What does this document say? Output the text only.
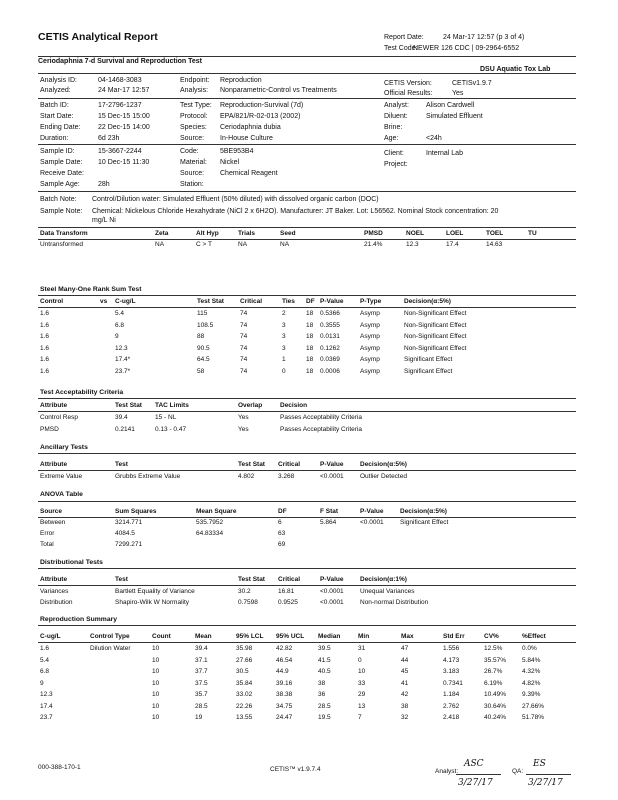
CETIS Analytical Report	Report Date:	24 Mar-17 12:57 (p 3 of 4)
Test Code:
NEWER 126 CDC | 09-2964-6552
Ceriodaphnia 7-d Survival and Reproduction Test
DSU Aquatic Tox Lab
Analysis ID:	04-1468-3083
Analyzed:	24 Mar-17 12:57
Endpoint: Reproduction
Analysis: Nonparametric-Control vs Treatments
CETIS Version:	CETISv1.9.7
Official Results:	Yes
Batch ID:	17-2796-1237
Start Date:	15 Dec-15 15:00
Ending Date:	22 Dec-15 14:00
Duration:	6d 23h
Test Type: Reproduction-Survival (7d)
Protocol: EPA/821/R-02-013 (2002)
Species: Ceriodaphnia dubia
Source: In-House Culture
Analyst: Alison Cardwell
Diluent:	Simulated Effluent
Brine:
Age:	<24h
Sample ID:	15-3667-2244
Sample Date: 10 Dec-15 11:30
Receive Date:
Sample Age:	28h
Code:	5BE953B4
Material: Nickel
Source: Chemical Reagent
Station:
Client:	Internal Lab
Project:
Batch Note: Control/Dilution water: Simulated Effluent (50% diluted) with dissolved organic carbon (DOC)
Sample Note: Chemical: Nickelous Chloride Hexahydrate (NiCl 2 x 6H2O). Manufacturer: JT Baker. Lot: L56562. Nominal Stock concentration: 20
mg/L Ni
Data Transform	Zeta	Alt Hyp	Trials	Seed	PMSD	NOEL	LOEL	TOEL	TU
Untransformed	NA	C > T	NA	NA	21.4%	12.3	17.4	14.63
Steel Many-One Rank Sum Test
Control	vs C-ug/L	Test Stat Critical	Ties DF P-Value	P-Type	Decision(α:5%)
1.6	5.4	115	74	2	18 0.5366	Asymp	Non-Significant Effect
1.6	6.8	108.5	74	3	18 0.3555	Asymp	Non-Significant Effect
1.6	9	88	74	3	18 0.0131	Asymp	Non-Significant Effect
1.6	12.3	90.5	74	3	18 0.1262	Asymp	Non-Significant Effect
1.6	17.4*	64.5	74	1	18 0.0369	Asymp	Significant Effect
1.6	23.7*	58	74	0	18 0.0006	Asymp	Significant Effect
Test Acceptability Criteria
Attribute	Test Stat TAC Limits	Overlap	Decision
Control Resp	39.4	15 - NL	Yes	Passes Acceptability Criteria
PMSD	0.2141	0.13 - 0.47	Yes	Passes Acceptability Criteria
Ancillary Tests
Attribute	Test	Test Stat Critical	P-Value	Decision(α:5%)
Extreme Value	Grubbs Extreme Value	4.802	3.268	<0.0001	Outlier Detected
ANOVA Table
Source	Sum Squares	Mean Square	DF	F Stat	P-Value	Decision(α:5%)
Between	3214.771	535.7952	6	5.864	<0.0001	Significant Effect
Error	4084.5	64.83334	63
Total	7299.271	69
Distributional Tests
Attribute	Test	Test Stat Critical	P-Value	Decision(α:1%)
Variances	Bartlett Equality of Variance	30.2	16.81	<0.0001	Unequal Variances
Distribution	Shapiro-Wilk W Normality	0.7598	0.9525	<0.0001	Non-normal Distribution
Reproduction Summary
C-ug/L	Control Type	Count	Mean	95% LCL 95% UCL Median	Min	Max	Std Err	CV%	%Effect
1.6	Dilution Water	10	39.4	35.98	42.82	39.5	31	47	1.556	12.5%	0.0%
5.4	10	37.1	27.66	46.54	41.5	0	44	4.173	35.57% 5.84%
6.8	10	37.7	30.5	44.9	40.5	10	45	3.183	26.7%	4.32%
9	10	37.5	35.84	39.16	38	33	41	0.7341	6.19%	4.82%
12.3	10	35.7	33.02	38.38	36	29	42	1.184	10.49% 9.39%
17.4	10	28.5	22.26	34.75	28.5	13	38	2.762	30.64% 27.66%
23.7	10	19	13.55	24.47	19.5	7	32	2.418	40.24% 51.78%
000-388-170-1	CETIS™ v1.9.7.4	Analyst:
ASC
QA:
ES
3/27/17	3/27/17
